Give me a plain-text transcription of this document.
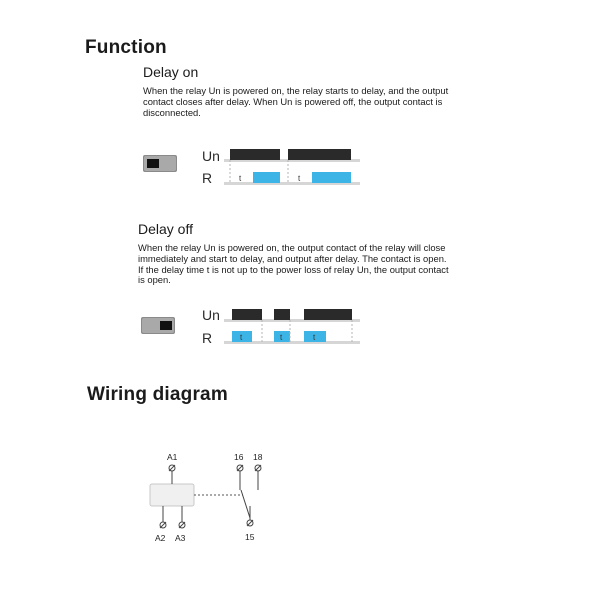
Function
Delay on
When the relay Un is powered on, the relay starts to delay, and the output
contact closes after delay. When Un is powered off, the output contact is
disconnected.
Un
R	t	t
Delay off
When the relay Un is powered on, the output contact of the relay will close
immediately and start to delay, and output after delay. The contact is open.
If the delay time t is not up to the power loss of relay Un, the output contact
is open.
Un
R	t	t	t
Wiring diagram
A1
A2 A3
16 18
15
